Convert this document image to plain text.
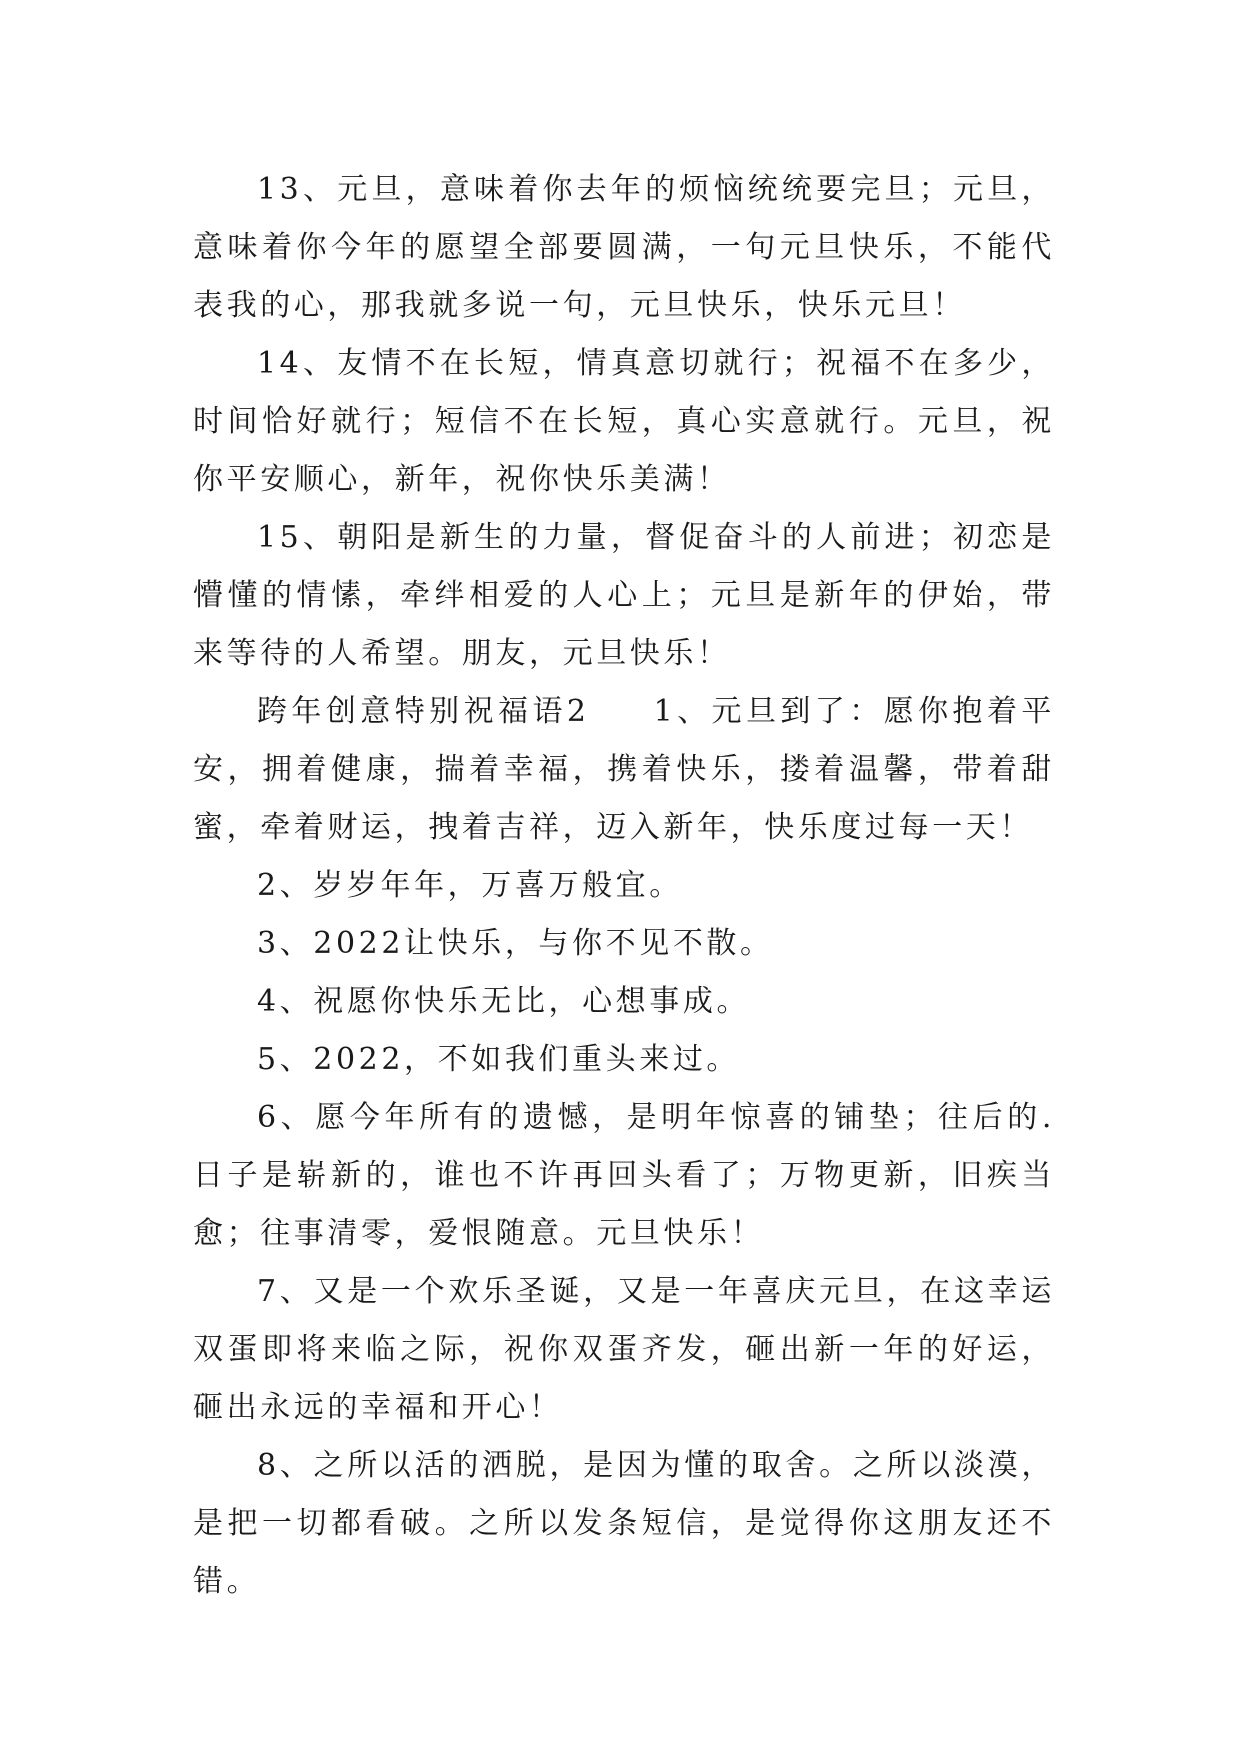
13、元旦，意味着你去年的烦恼统统要完旦；元旦，意味着你今年的愿望全部要圆满，一句元旦快乐，不能代表我的心，那我就多说一句，元旦快乐，快乐元旦！

14、友情不在长短，情真意切就行；祝福不在多少，时间恰好就行；短信不在长短，真心实意就行。元旦，祝你平安顺心，新年，祝你快乐美满！

15、朝阳是新生的力量，督促奋斗的人前进；初恋是懵懂的情愫，牵绊相爱的人心上；元旦是新年的伊始，带来等待的人希望。朋友，元旦快乐！

跨年创意特别祝福语2 1、元旦到了：愿你抱着平安，拥着健康，揣着幸福，携着快乐，搂着温馨，带着甜蜜，牵着财运，拽着吉祥，迈入新年，快乐度过每一天！

2、岁岁年年，万喜万般宜。

3、2022让快乐，与你不见不散。

4、祝愿你快乐无比，心想事成。

5、2022，不如我们重头来过。

6、愿今年所有的遗憾，是明年惊喜的铺垫；往后的.日子是崭新的，谁也不许再回头看了；万物更新，旧疾当愈；往事清零，爱恨随意。元旦快乐！

7、又是一个欢乐圣诞，又是一年喜庆元旦，在这幸运双蛋即将来临之际，祝你双蛋齐发，砸出新一年的好运，砸出永远的幸福和开心！

8、之所以活的洒脱，是因为懂的取舍。之所以淡漠，是把一切都看破。之所以发条短信，是觉得你这朋友还不错。
